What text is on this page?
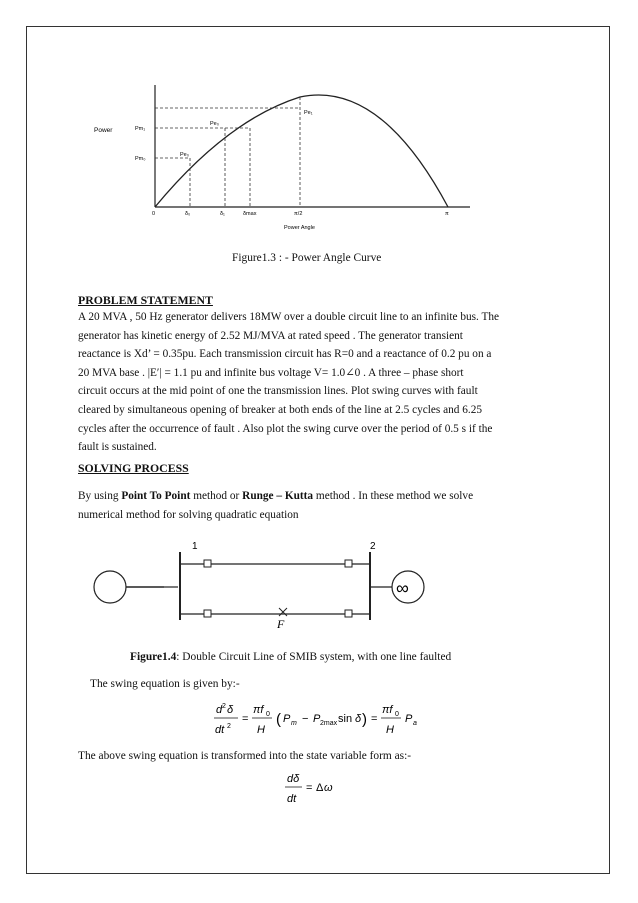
Power	Pm₁
Pm₀
Pe₁
Pe₀
Pe₀
0	δ₀	δ₁	δmax	π/2	π
Power Angle
Figure1.3 : - Power Angle Curve
PROBLEM STATEMENT
A 20 MVA , 50 Hz generator delivers 18MW over a double circuit line to an infinite bus. The
generator has kinetic energy of 2.52 MJ/MVA at rated speed . The generator transient
reactance is Xd’ = 0.35pu. Each transmission circuit has R=0 and a reactance of 0.2 pu on a
20 MVA base . |E′| = 1.1 pu and infinite bus voltage V= 1.0∠0 . A three – phase short
circuit occurs at the mid point of one the transmission lines. Plot swing curves with fault
cleared by simultaneous opening of breaker at both ends of the line at 2.5 cycles and 6.25
cycles after the occurrence of fault . Also plot the swing curve over the period of 0.5 s if the
fault is sustained.
SOLVING PROCESS
By using Point To Point method or Runge – Kutta method . In these method we solve
numerical method for solving quadratic equation
1	2
F
∞
Figure1.4: Double Circuit Line of SMIB system, with one line faulted
The swing equation is given by:-
d 2 δ
dt 2
=
πf 0
H
( P m − P 2max sin δ ) =
πf 0
H
P a
The above swing equation is transformed into the state variable form as:-
dδ
dt
= Δ ω
